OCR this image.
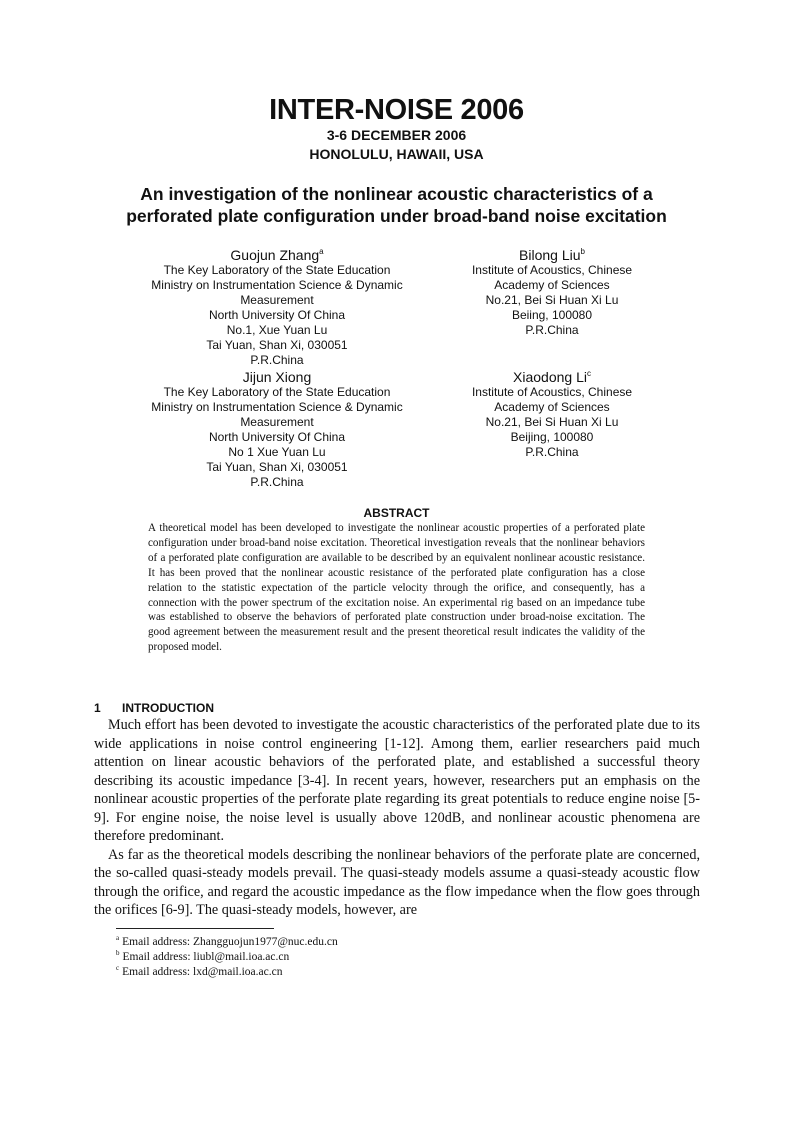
INTER-NOISE 2006
3-6 DECEMBER 2006
HONOLULU, HAWAII, USA
An investigation of the nonlinear acoustic characteristics of a
perforated plate configuration under broad-band noise excitation
Guojun Zhang$^a$
The Key Laboratory of the State Education
Ministry on Instrumentation Science & Dynamic
Measurement
North University Of China
No.1, Xue Yuan Lu
Tai Yuan, Shan Xi, 030051
P.R.China
Bilong Liu$^b$
Institute of Acoustics, Chinese
Academy of Sciences
No.21, Bei Si Huan Xi Lu
Beiing, 100080
P.R.China
Jijun Xiong
The Key Laboratory of the State Education
Ministry on Instrumentation Science & Dynamic
Measurement
North University Of China
No 1 Xue Yuan Lu
Tai Yuan, Shan Xi, 030051
P.R.China
Xiaodong Li$^c$
Institute of Acoustics, Chinese
Academy of Sciences
No.21, Bei Si Huan Xi Lu
Beijing, 100080
P.R.China
ABSTRACT
A theoretical model has been developed to investigate the nonlinear acoustic properties of a perforated plate configuration under broad-band noise excitation. Theoretical investigation reveals that the nonlinear behaviors of a perforated plate configuration are available to be described by an equivalent nonlinear acoustic resistance. It has been proved that the nonlinear acoustic resistance of the perforated plate configuration has a close relation to the statistic expectation of the particle velocity through the orifice, and consequently, has a connection with the power spectrum of the excitation noise. An experimental rig based on an impedance tube was established to observe the behaviors of perforated plate construction under broad-noise excitation. The good agreement between the measurement result and the present theoretical result indicates the validity of the proposed model.
1 INTRODUCTION

Much effort has been devoted to investigate the acoustic characteristics of the perforated plate due to its wide applications in noise control engineering [1-12]. Among them, earlier researchers paid much attention on linear acoustic behaviors of the perforated plate, and established a successful theory describing its acoustic impedance [3-4]. In recent years, however, researchers put an emphasis on the nonlinear acoustic properties of the perforate plate regarding its great potentials to reduce engine noise [5-9]. For engine noise, the noise level is usually above 120dB, and nonlinear acoustic phenomena are therefore predominant.

As far as the theoretical models describing the nonlinear behaviors of the perforate plate are concerned, the so-called quasi-steady models prevail. The quasi-steady models assume a quasi-steady acoustic flow through the orifice, and regard the acoustic impedance as the flow impedance when the flow goes through the orifices [6-9]. The quasi-steady models, however, are

$^a$ Email address: Zhangguojun1977@nuc.edu.cn
$^b$ Email address: liubl@mail.ioa.ac.cn
$^c$ Email address: lxd@mail.ioa.ac.cn
